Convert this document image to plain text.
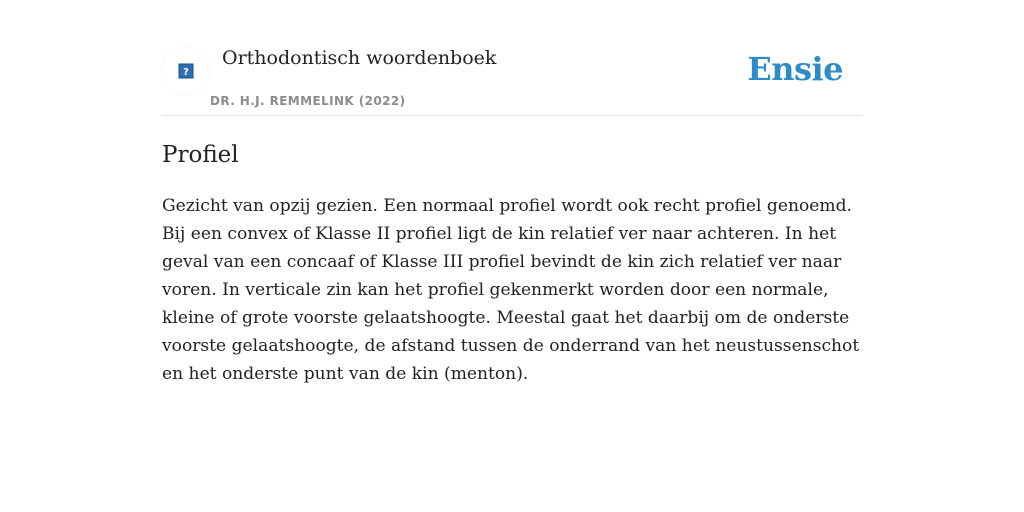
?
Orthodontisch woordenboek
DR. H.J. REMMELINK (2022)
Ensie
Profiel

Gezicht van opzij gezien. Een normaal profiel wordt ook recht profiel genoemd. Bij een convex of Klasse II profiel ligt de kin relatief ver naar achteren. In het geval van een concaaf of Klasse III profiel bevindt de kin zich relatief ver naar voren. In verticale zin kan het profiel gekenmerkt worden door een normale, kleine of grote voorste gelaatshoogte. Meestal gaat het daarbij om de onderste voorste gelaatshoogte, de afstand tussen de onderrand van het neustussenschot en het onderste punt van de kin (menton).
